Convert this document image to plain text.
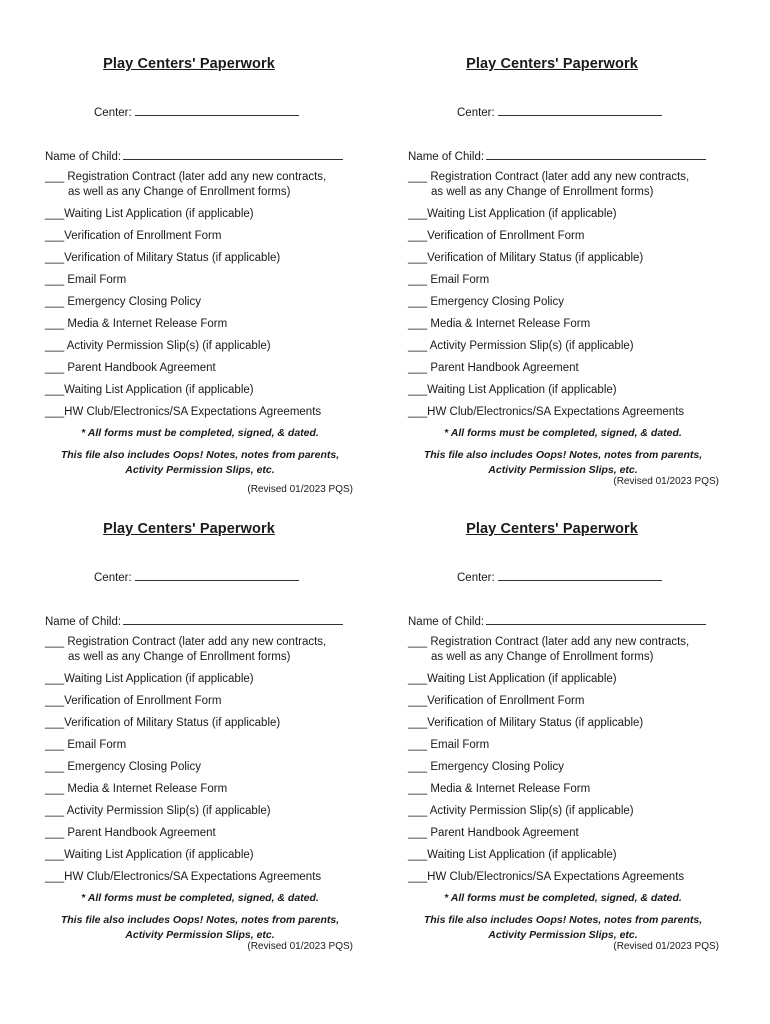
Play Centers' Paperwork
Center:
Name of Child:
___ Registration Contract (later add any new contracts,
as well as any Change of Enrollment forms)
___Waiting List Application (if applicable)
___Verification of Enrollment Form
___Verification of Military Status (if applicable)
___ Email Form
___ Emergency Closing Policy
___ Media & Internet Release Form
___ Activity Permission Slip(s) (if applicable)
___ Parent Handbook Agreement
___Waiting List Application (if applicable)
___HW Club/Electronics/SA Expectations Agreements
* All forms must be completed, signed, & dated.
This file also includes Oops! Notes, notes from parents,
Activity Permission Slips, etc.
(Revised 01/2023 PQS)
Play Centers' Paperwork
Center:
Name of Child:
___ Registration Contract (later add any new contracts,
as well as any Change of Enrollment forms)
___Waiting List Application (if applicable)
___Verification of Enrollment Form
___Verification of Military Status (if applicable)
___ Email Form
___ Emergency Closing Policy
___ Media & Internet Release Form
___ Activity Permission Slip(s) (if applicable)
___ Parent Handbook Agreement
___Waiting List Application (if applicable)
___HW Club/Electronics/SA Expectations Agreements
* All forms must be completed, signed, & dated.
This file also includes Oops! Notes, notes from parents,
Activity Permission Slips, etc.
(Revised 01/2023 PQS)
Play Centers' Paperwork
Center:
Name of Child:
___ Registration Contract (later add any new contracts,
as well as any Change of Enrollment forms)
___Waiting List Application (if applicable)
___Verification of Enrollment Form
___Verification of Military Status (if applicable)
___ Email Form
___ Emergency Closing Policy
___ Media & Internet Release Form
___ Activity Permission Slip(s) (if applicable)
___ Parent Handbook Agreement
___Waiting List Application (if applicable)
___HW Club/Electronics/SA Expectations Agreements
* All forms must be completed, signed, & dated.
This file also includes Oops! Notes, notes from parents,
Activity Permission Slips, etc.
(Revised 01/2023 PQS)
Play Centers' Paperwork
Center:
Name of Child:
___ Registration Contract (later add any new contracts,
as well as any Change of Enrollment forms)
___Waiting List Application (if applicable)
___Verification of Enrollment Form
___Verification of Military Status (if applicable)
___ Email Form
___ Emergency Closing Policy
___ Media & Internet Release Form
___ Activity Permission Slip(s) (if applicable)
___ Parent Handbook Agreement
___Waiting List Application (if applicable)
___HW Club/Electronics/SA Expectations Agreements
* All forms must be completed, signed, & dated.
This file also includes Oops! Notes, notes from parents,
Activity Permission Slips, etc.
(Revised 01/2023 PQS)
